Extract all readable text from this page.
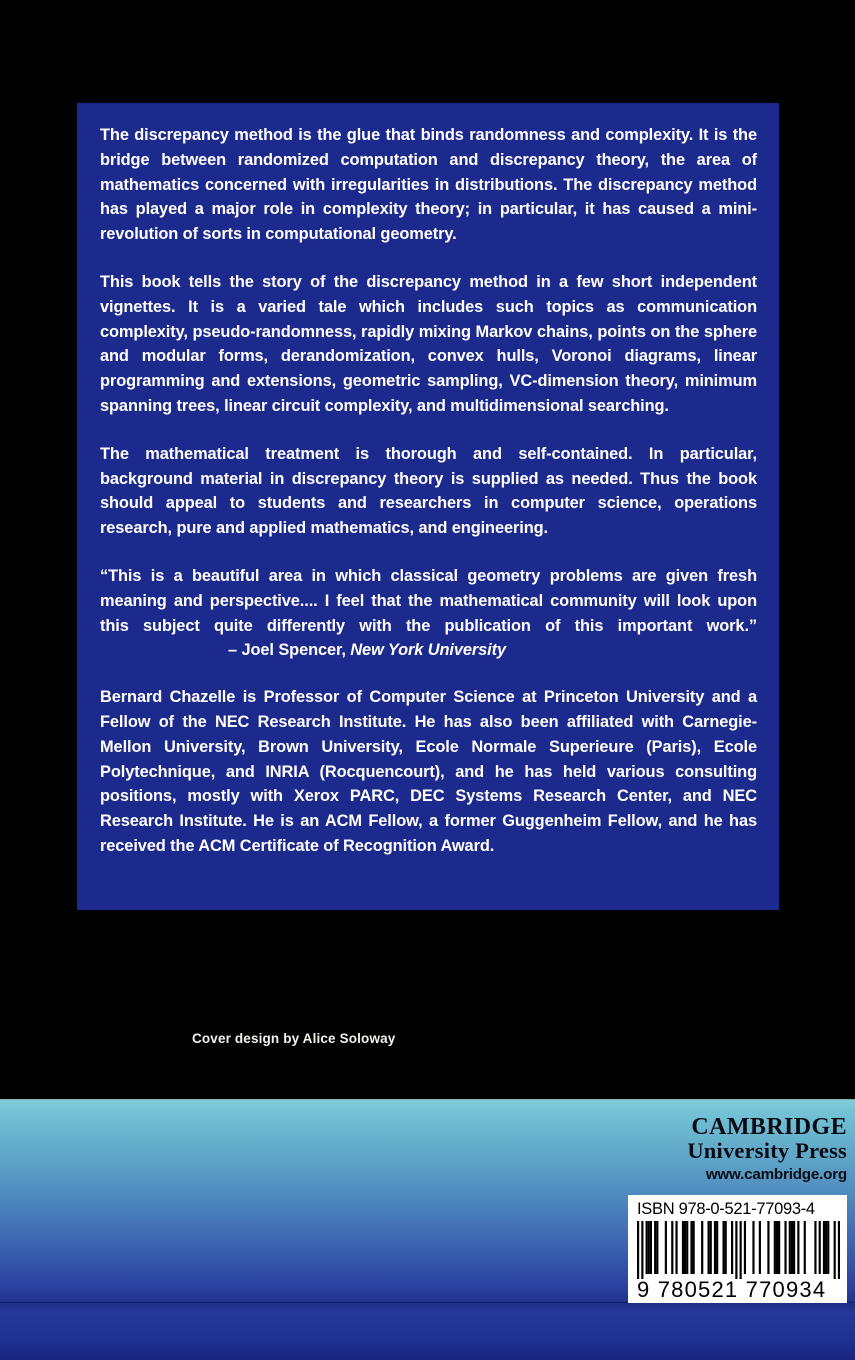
The discrepancy method is the glue that binds randomness and complexity. It is the bridge between randomized computation and discrepancy theory, the area of mathematics concerned with irregularities in distributions. The discrepancy method has played a major role in complexity theory; in particular, it has caused a mini-revolution of sorts in computational geometry.

This book tells the story of the discrepancy method in a few short independent vignettes. It is a varied tale which includes such topics as communication complexity, pseudo-randomness, rapidly mixing Markov chains, points on the sphere and modular forms, derandomization, convex hulls, Voronoi diagrams, linear programming and extensions, geometric sampling, VC-dimension theory, minimum spanning trees, linear circuit complexity, and multidimensional searching.

The mathematical treatment is thorough and self-contained. In particular, background material in discrepancy theory is supplied as needed. Thus the book should appeal to students and researchers in computer science, operations research, pure and applied mathematics, and engineering.

“This is a beautiful area in which classical geometry problems are given fresh meaning and perspective.... I feel that the mathematical community will look upon this subject quite differently with the publication of this important work.”– Joel Spencer, New York University

Bernard Chazelle is Professor of Computer Science at Princeton University and a Fellow of the NEC Research Institute. He has also been affiliated with Carnegie-Mellon University, Brown University, Ecole Normale Superieure (Paris), Ecole Polytechnique, and INRIA (Rocquencourt), and he has held various consulting positions, mostly with Xerox PARC, DEC Systems Research Center, and NEC Research Institute. He is an ACM Fellow, a former Guggenheim Fellow, and he has received the ACM Certificate of Recognition Award.

Cover design by Alice Soloway
cambridge
University Press
www.cambridge.org
ISBN 978-0-521-77093-4
9 780521 770934
